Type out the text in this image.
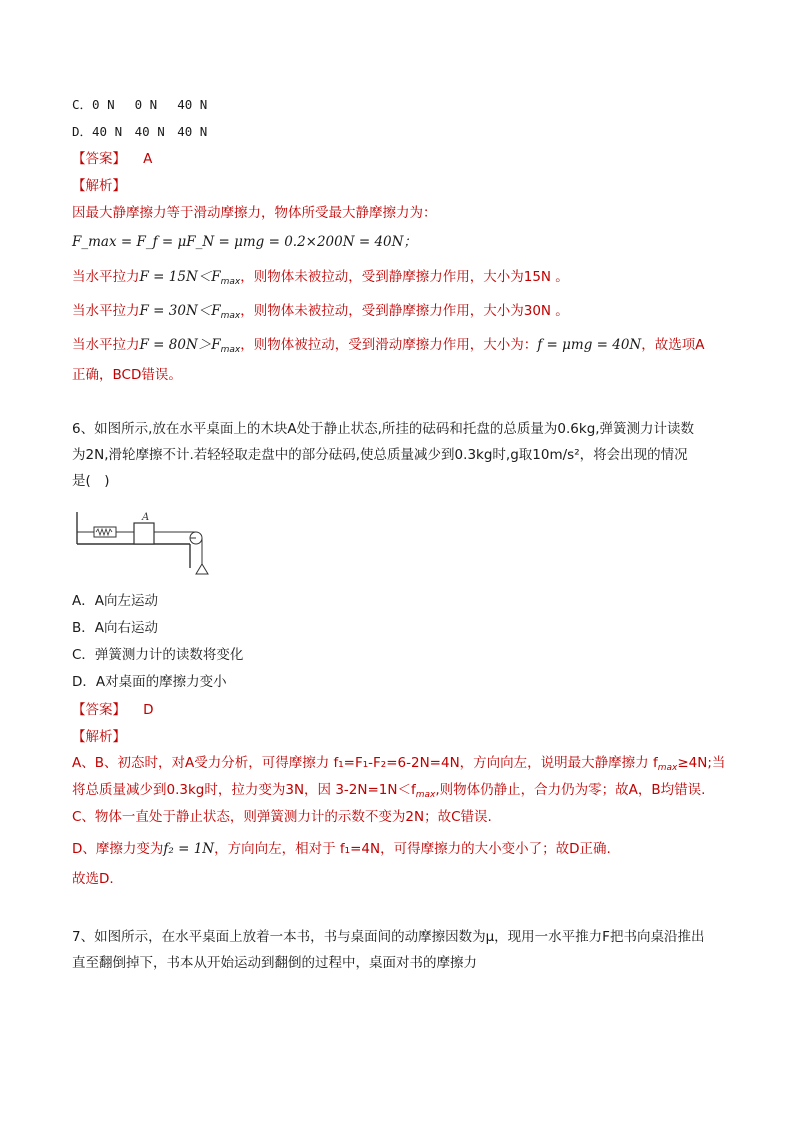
C．0 N　 0 N　 40 N
D．40 N　40 N　40 N
【答案】 A
【解析】
因最大静摩擦力等于滑动摩擦力，物体所受最大静摩擦力为：
F_max = F_f = μF_N = μmg = 0.2×200N = 40N；
当水平拉力$F = 15N<F_{max}$，则物体未被拉动，受到静摩擦力作用，大小为15N 。
当水平拉力$F = 30N<F_{max}$，则物体未被拉动，受到静摩擦力作用，大小为30N 。
当水平拉力$F = 80N>F_{max}$，则物体被拉动，受到滑动摩擦力作用，大小为：f = μmg = 40N，故选项A
正确，BCD错误。
6、如图所示,放在水平桌面上的木块A处于静止状态,所挂的砝码和托盘的总质量为0.6kg,弹簧测力计读数
为2N,滑轮摩擦不计.若轻轻取走盘中的部分砝码,使总质量减少到0.3kg时,g取10m/s²，将会出现的情况
是(　)
A
A．A向左运动
B．A向右运动
C．弹簧测力计的读数将变化
D．A对桌面的摩擦力变小
【答案】 D
【解析】
A、B、初态时，对A受力分析，可得摩擦力 f₁=F₁-F₂=6-2N=4N，方向向左，说明最大静摩擦力 $f_{max}\ge 4N$;当
将总质量减少到0.3kg时，拉力变为3N，因 $3-2N=1N<f_{max}$,则物体仍静止，合力仍为零；故A，B均错误.
C、物体一直处于静止状态，则弹簧测力计的示数不变为2N；故C错误.
D、摩擦力变为f₂ = 1N，方向向左，相对于 f₁=4N，可得摩擦力的大小变小了；故D正确.
故选D.
7、如图所示，在水平桌面上放着一本书，书与桌面间的动摩擦因数为μ，现用一水平推力F把书向桌沿推出
直至翻倒掉下，书本从开始运动到翻倒的过程中，桌面对书的摩擦力
